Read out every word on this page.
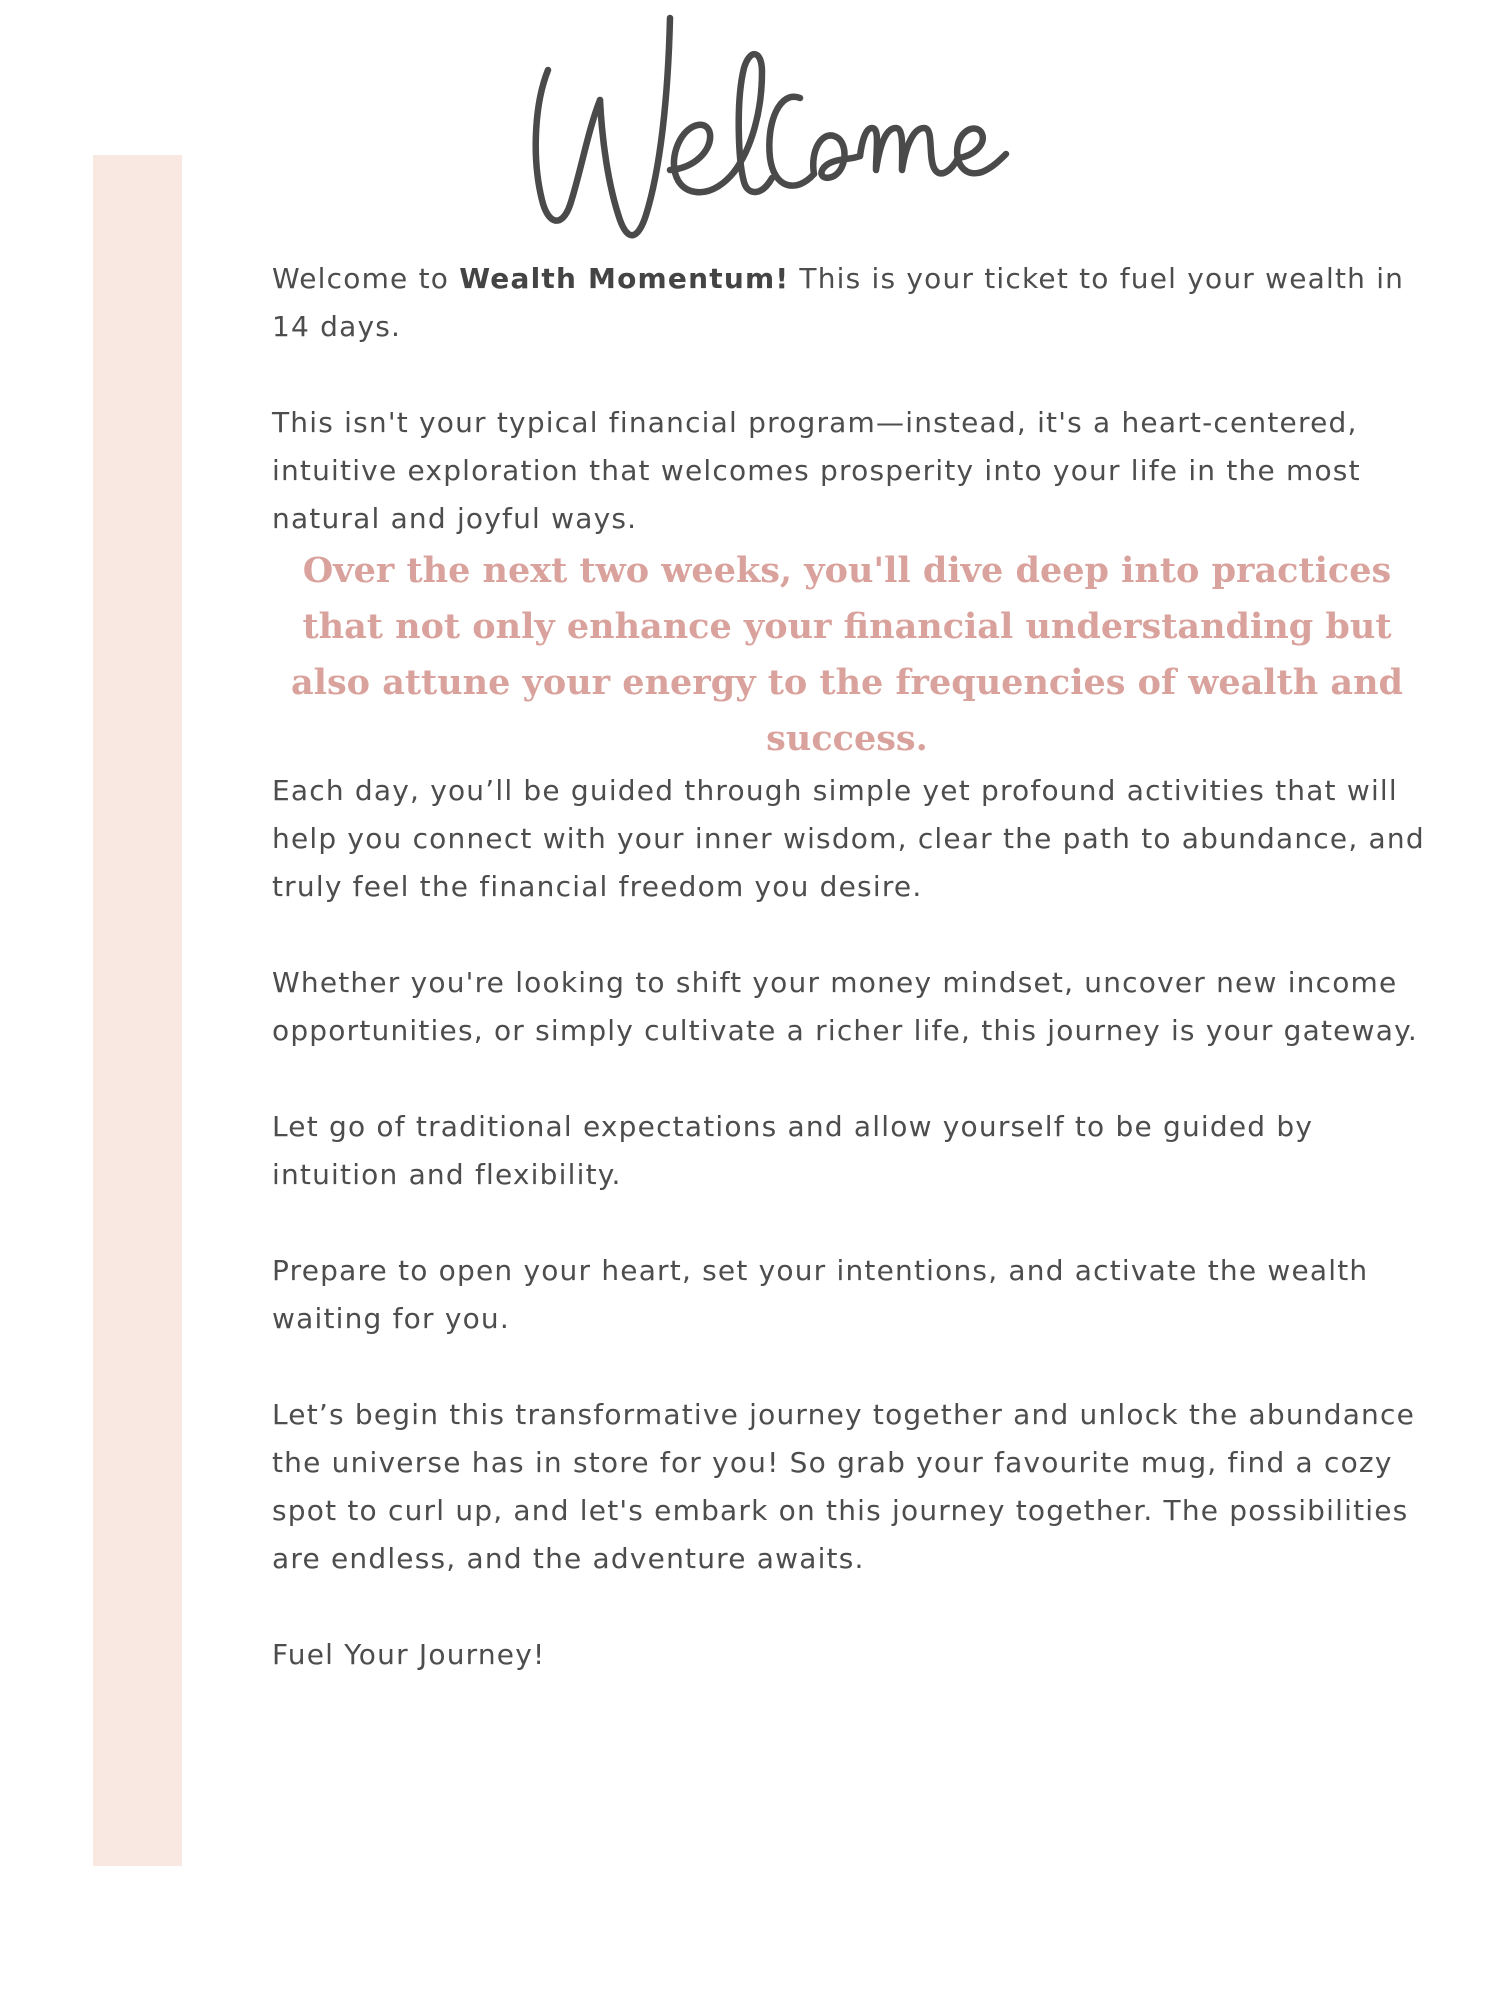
Welcome to Wealth Momentum! This is your ticket to fuel your wealth in 14 days.

This isn't your typical financial program—instead, it's a heart-centered, intuitive exploration that welcomes prosperity into your life in the most natural and joyful ways.

Over the next two weeks, you'll dive deep into practices that not only enhance your financial understanding but also attune your energy to the frequencies of wealth and success.

Each day, you’ll be guided through simple yet profound activities that will help you connect with your inner wisdom, clear the path to abundance, and truly feel the financial freedom you desire.

Whether you're looking to shift your money mindset, uncover new income opportunities, or simply cultivate a richer life, this journey is your gateway.

Let go of traditional expectations and allow yourself to be guided by intuition and flexibility.

Prepare to open your heart, set your intentions, and activate the wealth waiting for you.

Let’s begin this transformative journey together and unlock the abundance the universe has in store for you! So grab your favourite mug, find a cozy spot to curl up, and let's embark on this journey together. The possibilities are endless, and the adventure awaits.

Fuel Your Journey!
